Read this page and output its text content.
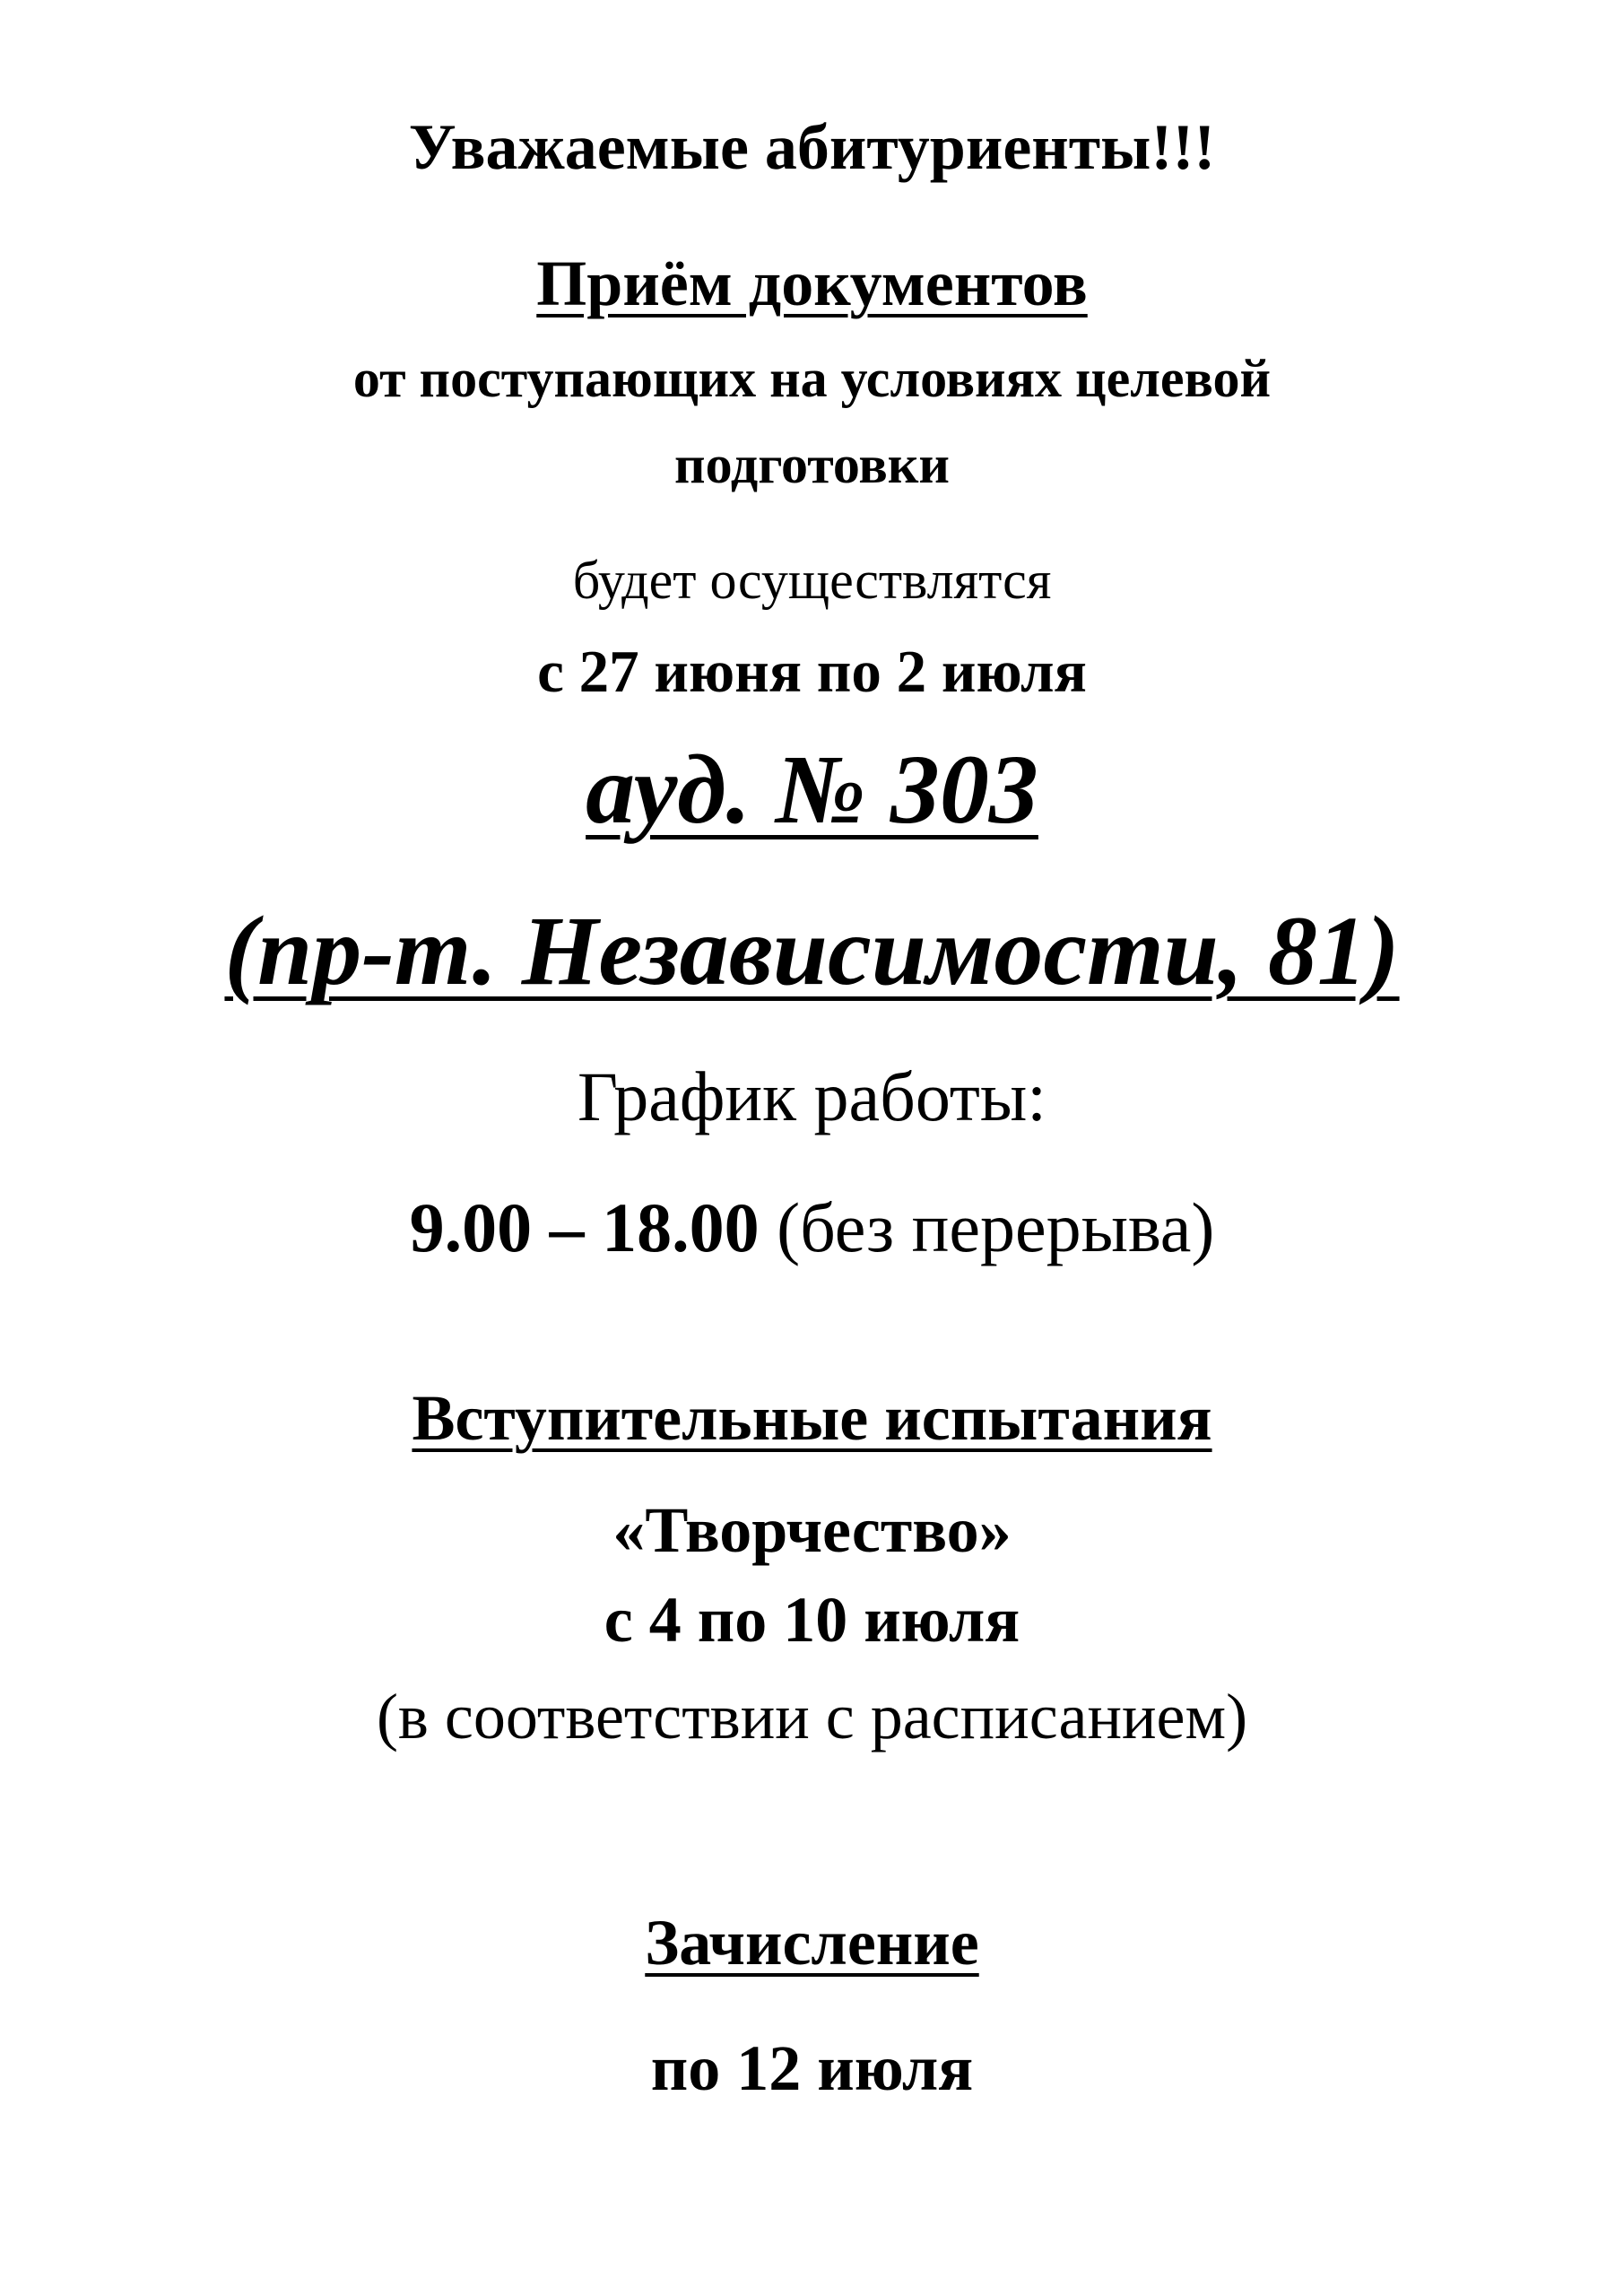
Уважаемые абитуриенты!!!
Приём документов
от поступающих на условиях целевой
подготовки
будет осуществлятся
с 27 июня по 2 июля
ауд. № 303
(пр-т. Независимости, 81)
График работы:
9.00 – 18.00 (без перерыва)
Вступительные испытания
«Творчество»
с 4 по 10 июля
(в соответствии с расписанием)
Зачисление
по 12 июля
